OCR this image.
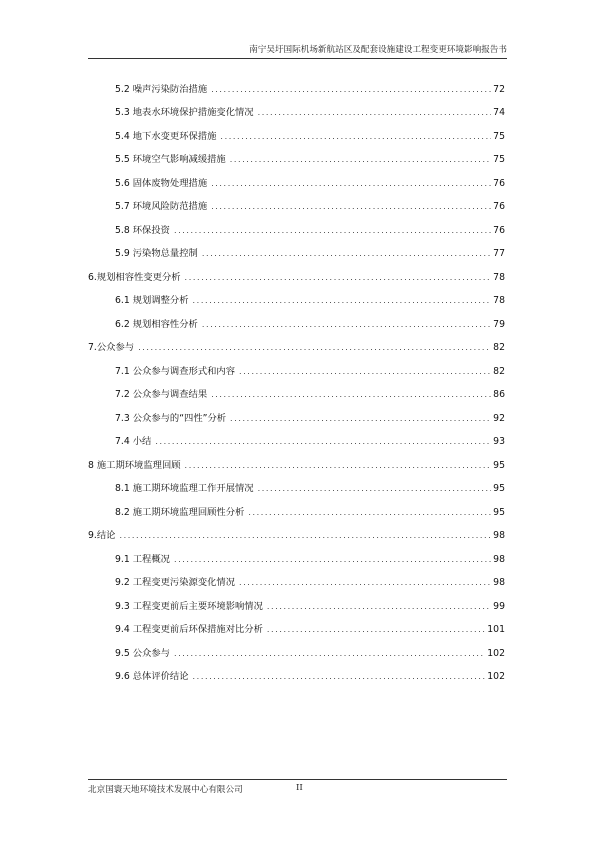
南宁吴圩国际机场新航站区及配套设施建设工程变更环境影响报告书
5.2 噪声污染防治措施 .....	72
5.3 地表水环境保护措施变化情况 .....	74
5.4 地下水变更环保措施 .....	75
5.5 环境空气影响减缓措施 .....	75
5.6 固体废物处理措施 .....	76
5.7 环境风险防范措施 .....	76
5.8 环保投资 .....	76
5.9 污染物总量控制 .....	77
6.规划相容性变更分析 .....	78
6.1 规划调整分析 .....	78
6.2 规划相容性分析 .....	79
7.公众参与 .....	82
7.1 公众参与调查形式和内容 .....	82
7.2 公众参与调查结果 .....	86
7.3 公众参与的“四性”分析 .....	92
7.4 小结 .....	93
8 施工期环境监理回顾 .....	95
8.1 施工期环境监理工作开展情况 .....	95
8.2 施工期环境监理回顾性分析 .....	95
9.结论 .....	98
9.1 工程概况 .....	98
9.2 工程变更污染源变化情况 .....	98
9.3 工程变更前后主要环境影响情况 .....	99
9.4 工程变更前后环保措施对比分析 .....	101
9.5 公众参与 .....	102
9.6 总体评价结论 .....	102
北京国寰天地环境技术发展中心有限公司	II
